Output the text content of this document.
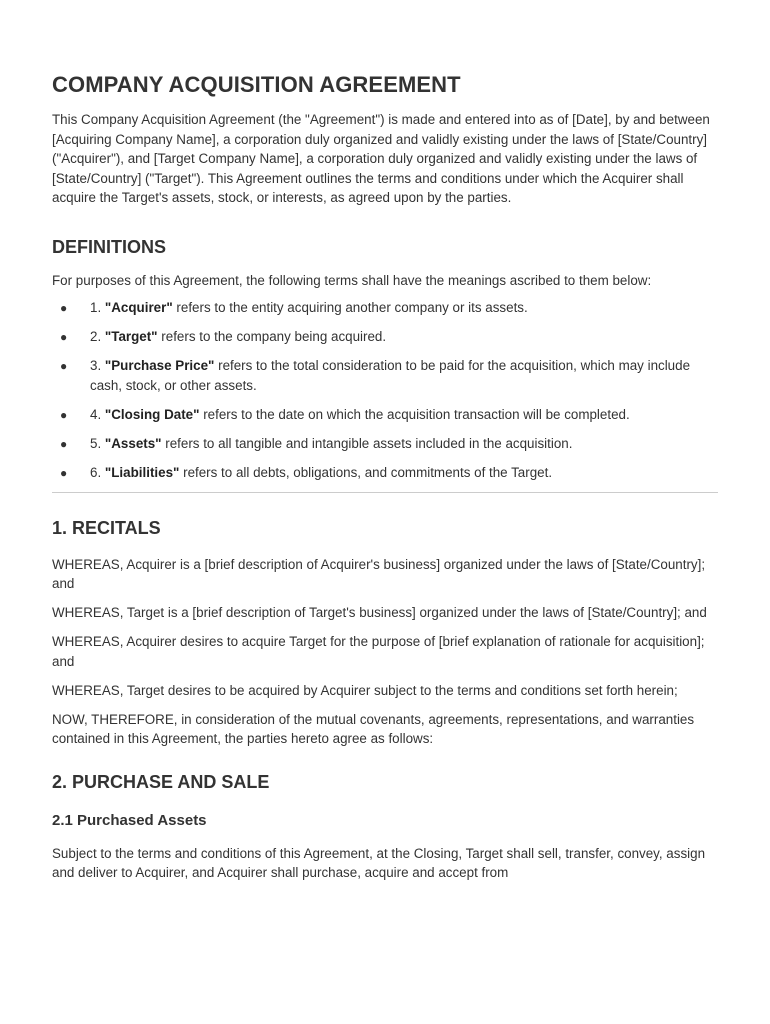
COMPANY ACQUISITION AGREEMENT

This Company Acquisition Agreement (the "Agreement") is made and entered into as of [Date], by and between [Acquiring Company Name], a corporation duly organized and validly existing under the laws of [State/Country] ("Acquirer"), and [Target Company Name], a corporation duly organized and validly existing under the laws of [State/Country] ("Target"). This Agreement outlines the terms and conditions under which the Acquirer shall acquire the Target's assets, stock, or interests, as agreed upon by the parties.

DEFINITIONS

For purposes of this Agreement, the following terms shall have the meanings ascribed to them below:

● 1. "Acquirer" refers to the entity acquiring another company or its assets.
● 2. "Target" refers to the company being acquired.
● 3. "Purchase Price" refers to the total consideration to be paid for the acquisition, which may include cash, stock, or other assets.
● 4. "Closing Date" refers to the date on which the acquisition transaction will be completed.
● 5. "Assets" refers to all tangible and intangible assets included in the acquisition.
● 6. "Liabilities" refers to all debts, obligations, and commitments of the Target.
1. RECITALS

WHEREAS, Acquirer is a [brief description of Acquirer's business] organized under the laws of [State/Country]; and

WHEREAS, Target is a [brief description of Target's business] organized under the laws of [State/Country]; and

WHEREAS, Acquirer desires to acquire Target for the purpose of [brief explanation of rationale for acquisition]; and

WHEREAS, Target desires to be acquired by Acquirer subject to the terms and conditions set forth herein;

NOW, THEREFORE, in consideration of the mutual covenants, agreements, representations, and warranties contained in this Agreement, the parties hereto agree as follows:

2. PURCHASE AND SALE
2.1 Purchased Assets

Subject to the terms and conditions of this Agreement, at the Closing, Target shall sell, transfer, convey, assign and deliver to Acquirer, and Acquirer shall purchase, acquire and accept from
